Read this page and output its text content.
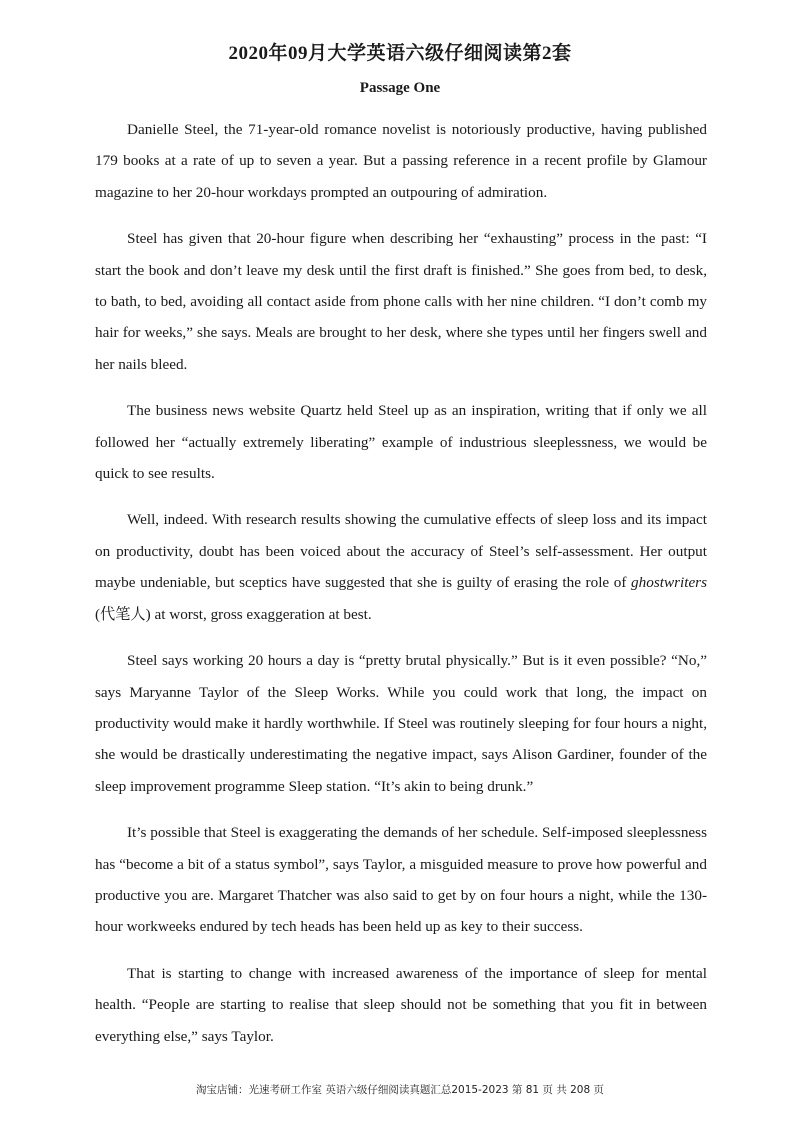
2020年09月大学英语六级仔细阅读第2套
Passage One

Danielle Steel, the 71-year-old romance novelist is notoriously productive, having published 179 books at a rate of up to seven a year. But a passing reference in a recent profile by Glamour magazine to her 20-hour workdays prompted an outpouring of admiration.

Steel has given that 20-hour figure when describing her “exhausting” process in the past: “I start the book and don’t leave my desk until the first draft is finished.” She goes from bed, to desk, to bath, to bed, avoiding all contact aside from phone calls with her nine children. “I don’t comb my hair for weeks,” she says. Meals are brought to her desk, where she types until her fingers swell and her nails bleed.

The business news website Quartz held Steel up as an inspiration, writing that if only we all followed her “actually extremely liberating” example of industrious sleeplessness, we would be quick to see results.

Well, indeed. With research results showing the cumulative effects of sleep loss and its impact on productivity, doubt has been voiced about the accuracy of Steel’s self-assessment. Her output maybe undeniable, but sceptics have suggested that she is guilty of erasing the role of ghostwriters (代笔人) at worst, gross exaggeration at best.

Steel says working 20 hours a day is “pretty brutal physically.” But is it even possible? “No,” says Maryanne Taylor of the Sleep Works. While you could work that long, the impact on productivity would make it hardly worthwhile. If Steel was routinely sleeping for four hours a night, she would be drastically underestimating the negative impact, says Alison Gardiner, founder of the sleep improvement programme Sleep station. “It’s akin to being drunk.”

It’s possible that Steel is exaggerating the demands of her schedule. Self-imposed sleeplessness has “become a bit of a status symbol”, says Taylor, a misguided measure to prove how powerful and productive you are. Margaret Thatcher was also said to get by on four hours a night, while the 130-hour workweeks endured by tech heads has been held up as key to their success.

That is starting to change with increased awareness of the importance of sleep for mental health. “People are starting to realise that sleep should not be something that you fit in between everything else,” says Taylor.

淘宝店铺：光速考研工作室 英语六级仔细阅读真题汇总2015-2023 第 81 页 共 208 页
